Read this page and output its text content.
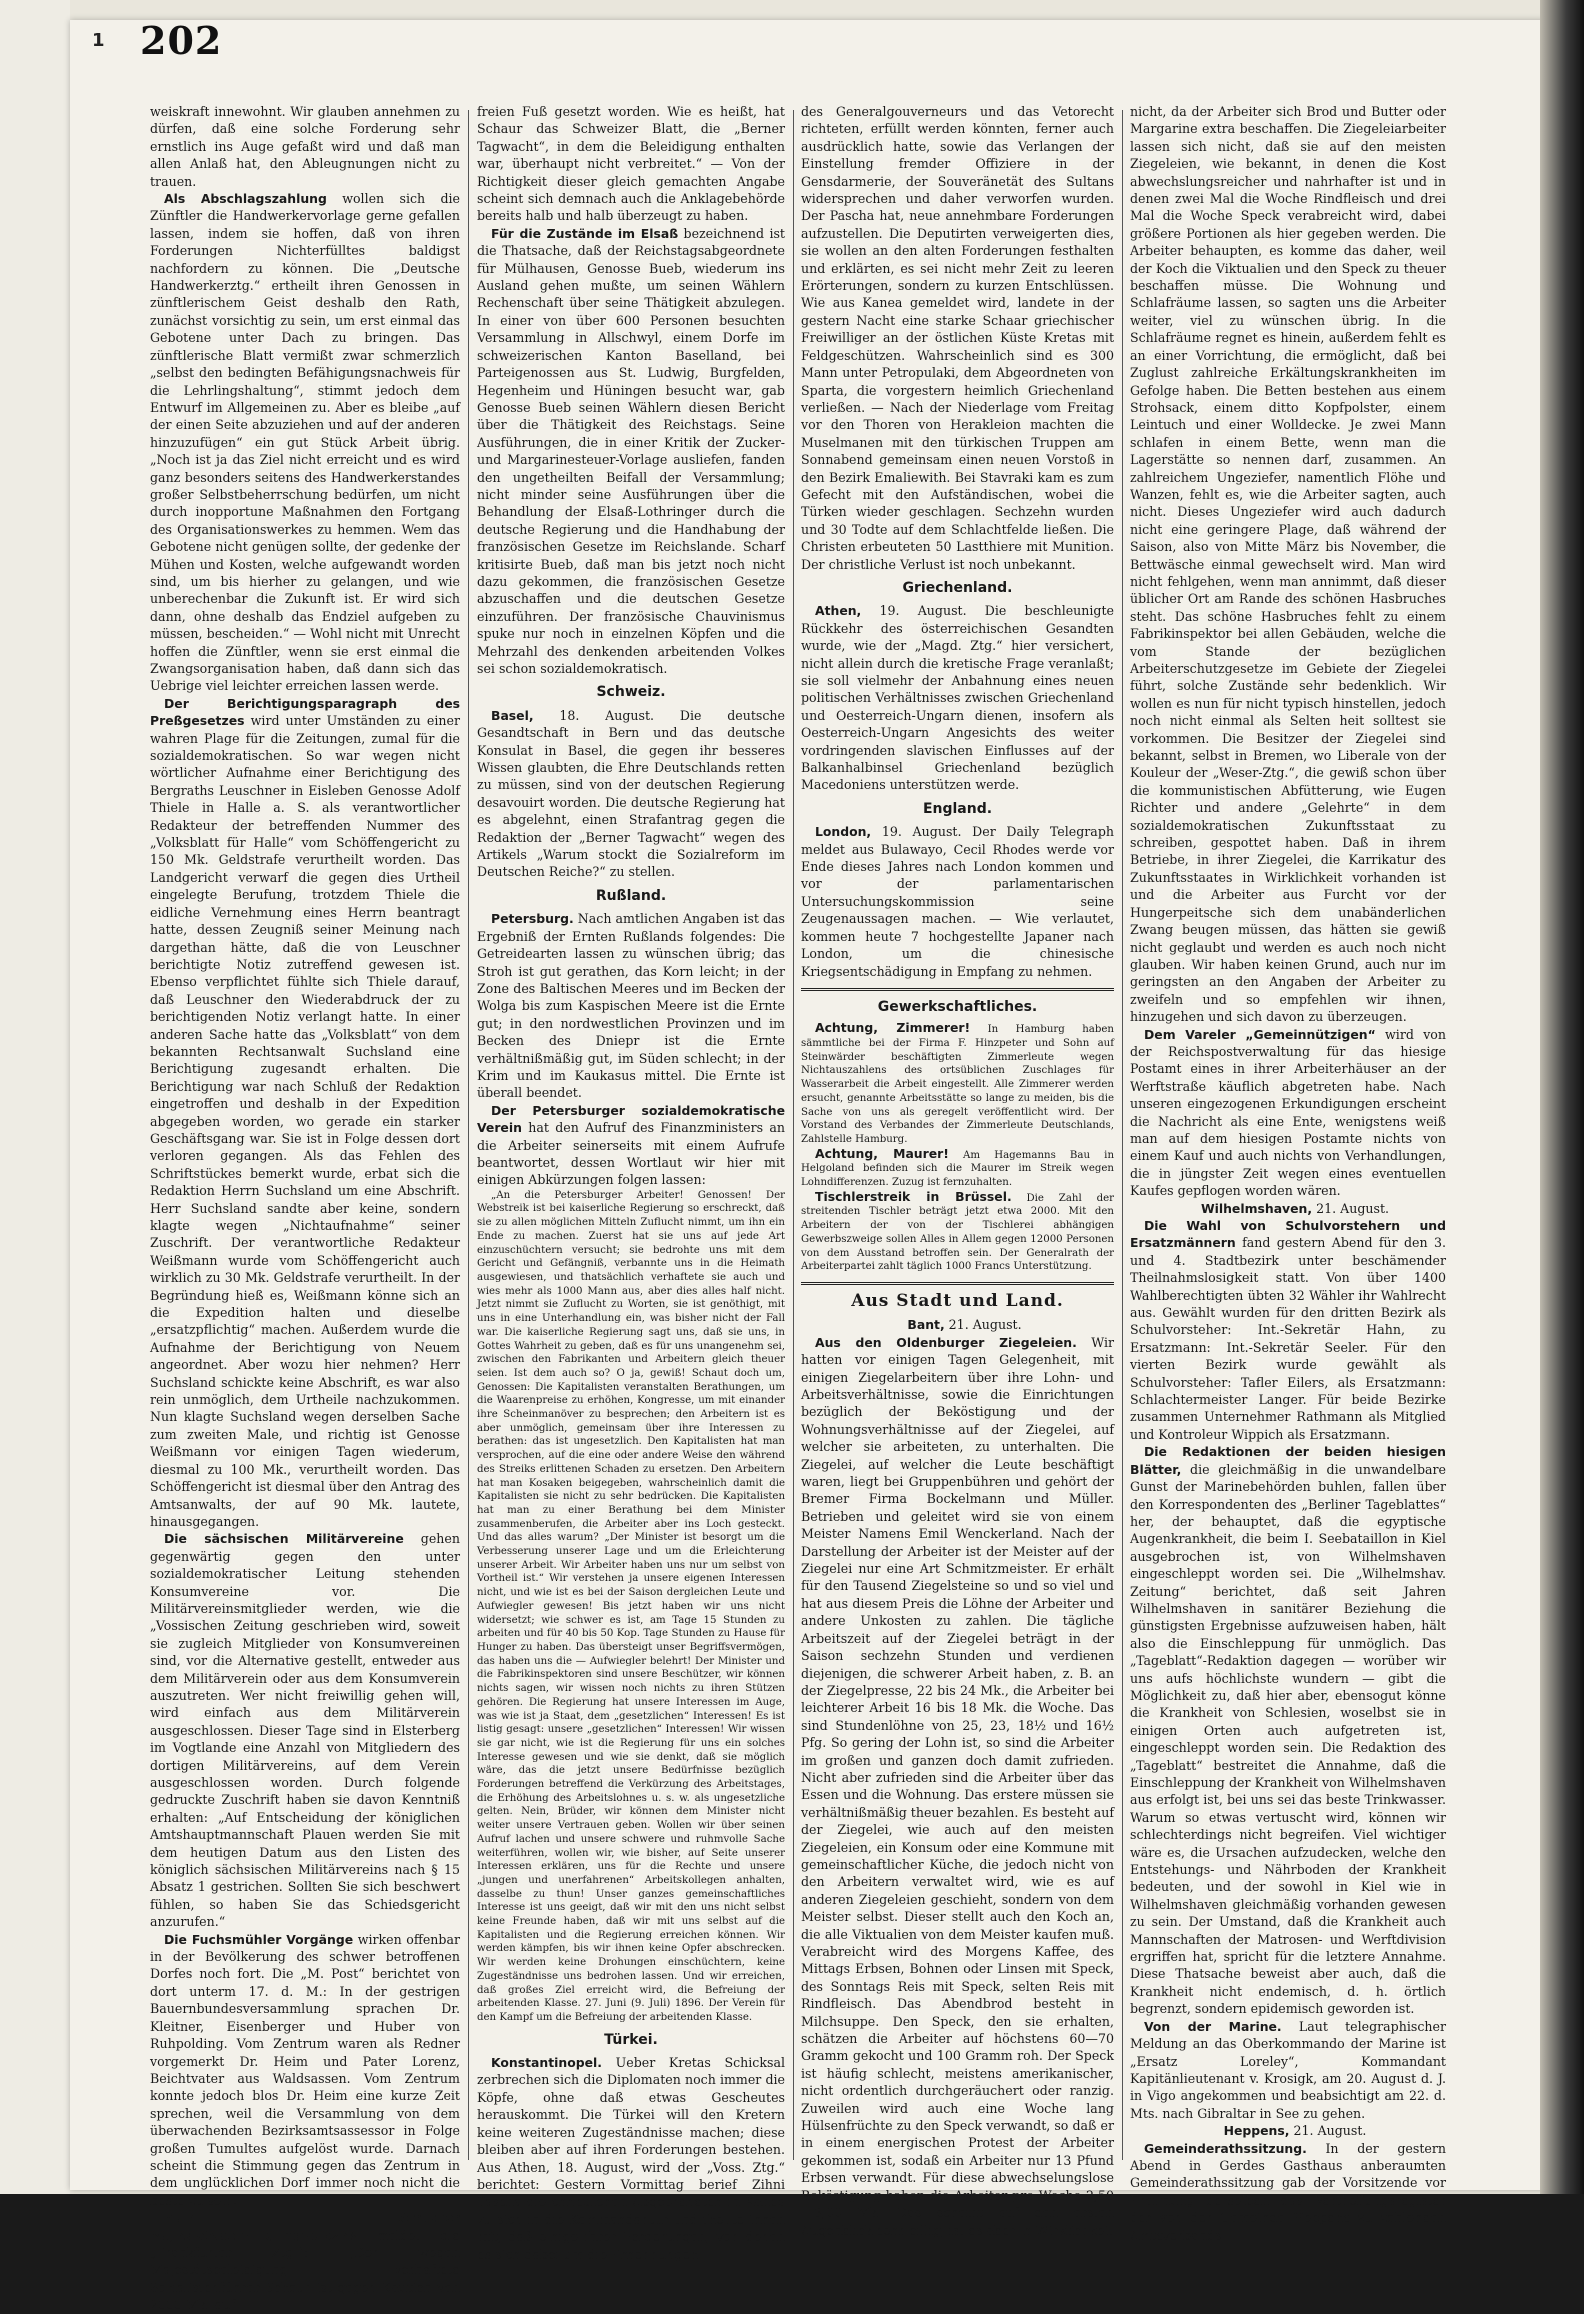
1 202

weiskraft innewohnt. Wir glauben annehmen zu dürfen, daß eine solche Forderung sehr ernstlich ins Auge gefaßt wird und daß man allen Anlaß hat, den Ableugnungen nicht zu trauen.

Als Abschlagszahlung wollen sich die Zünftler die Handwerkervorlage gerne gefallen lassen, indem sie hoffen, daß von ihren Forderungen Nichterfülltes baldigst nachfordern zu können. Die „Deutsche Handwerkerztg.“ ertheilt ihren Genossen in zünftlerischem Geist deshalb den Rath, zunächst vorsichtig zu sein, um erst einmal das Gebotene unter Dach zu bringen. Das zünftlerische Blatt vermißt zwar schmerzlich „selbst den bedingten Befähigungsnachweis für die Lehrlingshaltung“, stimmt jedoch dem Entwurf im Allgemeinen zu. Aber es bleibe „auf der einen Seite abzuziehen und auf der anderen hinzuzufügen“ ein gut Stück Arbeit übrig. „Noch ist ja das Ziel nicht erreicht und es wird ganz besonders seitens des Handwerkerstandes großer Selbstbeherrschung bedürfen, um nicht durch inopportune Maßnahmen den Fortgang des Organisationswerkes zu hemmen. Wem das Gebotene nicht genügen sollte, der gedenke der Mühen und Kosten, welche aufgewandt worden sind, um bis hierher zu gelangen, und wie unberechenbar die Zukunft ist. Er wird sich dann, ohne deshalb das Endziel aufgeben zu müssen, bescheiden.“ — Wohl nicht mit Unrecht hoffen die Zünftler, wenn sie erst einmal die Zwangsorganisation haben, daß dann sich das Uebrige viel leichter erreichen lassen werde.

Der Berichtigungsparagraph des Preßgesetzes wird unter Umständen zu einer wahren Plage für die Zeitungen, zumal für die sozialdemokratischen. So war wegen nicht wörtlicher Aufnahme einer Berichtigung des Bergraths Leuschner in Eisleben Genosse Adolf Thiele in Halle a. S. als verantwortlicher Redakteur der betreffenden Nummer des „Volksblatt für Halle“ vom Schöffengericht zu 150 Mk. Geldstrafe verurtheilt worden. Das Landgericht verwarf die gegen dies Urtheil eingelegte Berufung, trotzdem Thiele die eidliche Vernehmung eines Herrn beantragt hatte, dessen Zeugniß seiner Meinung nach dargethan hätte, daß die von Leuschner berichtigte Notiz zutreffend gewesen ist. Ebenso verpflichtet fühlte sich Thiele darauf, daß Leuschner den Wiederabdruck der zu berichtigenden Notiz verlangt hatte. In einer anderen Sache hatte das „Volksblatt“ von dem bekannten Rechtsanwalt Suchsland eine Berichtigung zugesandt erhalten. Die Berichtigung war nach Schluß der Redaktion eingetroffen und deshalb in der Expedition abgegeben worden, wo gerade ein starker Geschäftsgang war. Sie ist in Folge dessen dort verloren gegangen. Als das Fehlen des Schriftstückes bemerkt wurde, erbat sich die Redaktion Herrn Suchsland um eine Abschrift. Herr Suchsland sandte aber keine, sondern klagte wegen „Nichtaufnahme“ seiner Zuschrift. Der verantwortliche Redakteur Weißmann wurde vom Schöffengericht auch wirklich zu 30 Mk. Geldstrafe verurtheilt. In der Begründung hieß es, Weißmann könne sich an die Expedition halten und dieselbe „ersatzpflichtig“ machen. Außerdem wurde die Aufnahme der Berichtigung von Neuem angeordnet. Aber wozu hier nehmen? Herr Suchsland schickte keine Abschrift, es war also rein unmöglich, dem Urtheile nachzukommen. Nun klagte Suchsland wegen derselben Sache zum zweiten Male, und richtig ist Genosse Weißmann vor einigen Tagen wiederum, diesmal zu 100 Mk., verurtheilt worden. Das Schöffengericht ist diesmal über den Antrag des Amtsanwalts, der auf 90 Mk. lautete, hinausgegangen.

Die sächsischen Militärvereine gehen gegenwärtig gegen den unter sozialdemokratischer Leitung stehenden Konsumvereine vor. Die Militärvereinsmitglieder werden, wie die „Vossischen Zeitung geschrieben wird, soweit sie zugleich Mitglieder von Konsumvereinen sind, vor die Alternative gestellt, entweder aus dem Militärverein oder aus dem Konsumverein auszutreten. Wer nicht freiwillig gehen will, wird einfach aus dem Militärverein ausgeschlossen. Dieser Tage sind in Elsterberg im Vogtlande eine Anzahl von Mitgliedern des dortigen Militärvereins, auf dem Verein ausgeschlossen worden. Durch folgende gedruckte Zuschrift haben sie davon Kenntniß erhalten: „Auf Entscheidung der königlichen Amtshauptmannschaft Plauen werden Sie mit dem heutigen Datum aus den Listen des königlich sächsischen Militärvereins nach § 15 Absatz 1 gestrichen. Sollten Sie sich beschwert fühlen, so haben Sie das Schiedsgericht anzurufen.“

Die Fuchsmühler Vorgänge wirken offenbar in der Bevölkerung des schwer betroffenen Dorfes noch fort. Die „M. Post“ berichtet von dort unterm 17. d. M.: In der gestrigen Bauernbundesversammlung sprachen Dr. Kleitner, Eisenberger und Huber von Ruhpolding. Vom Zentrum waren als Redner vorgemerkt Dr. Heim und Pater Lorenz, Beichtvater aus Waldsassen. Vom Zentrum konnte jedoch blos Dr. Heim eine kurze Zeit sprechen, weil die Versammlung von dem überwachenden Bezirksamtsassessor in Folge großen Tumultes aufgelöst wurde. Darnach scheint die Stimmung gegen das Zentrum in dem unglücklichen Dorf immer noch nicht die beste zu sein.

Zum Lörracher Majestätsbeleidigungsprozeß meldet die „Frankfurter Ztg.“: „Der wegen Majestätsbeleidigung verhaftete Sozialistenführer Schaur ist gegen Kaution von 2000 Mk. auf

freien Fuß gesetzt worden. Wie es heißt, hat Schaur das Schweizer Blatt, die „Berner Tagwacht“, in dem die Beleidigung enthalten war, überhaupt nicht verbreitet.“ — Von der Richtigkeit dieser gleich gemachten Angabe scheint sich demnach auch die Anklagebehörde bereits halb und halb überzeugt zu haben.

Für die Zustände im Elsaß bezeichnend ist die Thatsache, daß der Reichstagsabgeordnete für Mülhausen, Genosse Bueb, wiederum ins Ausland gehen mußte, um seinen Wählern Rechenschaft über seine Thätigkeit abzulegen. In einer von über 600 Personen besuchten Versammlung in Allschwyl, einem Dorfe im schweizerischen Kanton Baselland, bei Parteigenossen aus St. Ludwig, Burgfelden, Hegenheim und Hüningen besucht war, gab Genosse Bueb seinen Wählern diesen Bericht über die Thätigkeit des Reichstags. Seine Ausführungen, die in einer Kritik der Zucker- und Margarinesteuer-Vorlage ausliefen, fanden den ungetheilten Beifall der Versammlung; nicht minder seine Ausführungen über die Behandlung der Elsaß-Lothringer durch die deutsche Regierung und die Handhabung der französischen Gesetze im Reichslande. Scharf kritisirte Bueb, daß man bis jetzt noch nicht dazu gekommen, die französischen Gesetze abzuschaffen und die deutschen Gesetze einzuführen. Der französische Chauvinismus spuke nur noch in einzelnen Köpfen und die Mehrzahl des denkenden arbeitenden Volkes sei schon sozialdemokratisch.

Schweiz.

Basel, 18. August. Die deutsche Gesandtschaft in Bern und das deutsche Konsulat in Basel, die gegen ihr besseres Wissen glaubten, die Ehre Deutschlands retten zu müssen, sind von der deutschen Regierung desavouirt worden. Die deutsche Regierung hat es abgelehnt, einen Strafantrag gegen die Redaktion der „Berner Tagwacht“ wegen des Artikels „Warum stockt die Sozialreform im Deutschen Reiche?“ zu stellen.

Rußland.

Petersburg. Nach amtlichen Angaben ist das Ergebniß der Ernten Rußlands folgendes: Die Getreidearten lassen zu wünschen übrig; das Stroh ist gut gerathen, das Korn leicht; in der Zone des Baltischen Meeres und im Becken der Wolga bis zum Kaspischen Meere ist die Ernte gut; in den nordwestlichen Provinzen und im Becken des Dniepr ist die Ernte verhältnißmäßig gut, im Süden schlecht; in der Krim und im Kaukasus mittel. Die Ernte ist überall beendet.

Der Petersburger sozialdemokratische Verein hat den Aufruf des Finanzministers an die Arbeiter seinerseits mit einem Aufrufe beantwortet, dessen Wortlaut wir hier mit einigen Abkürzungen folgen lassen:

„An die Petersburger Arbeiter! Genossen! Der Webstreik ist bei kaiserliche Regierung so erschreckt, daß sie zu allen möglichen Mitteln Zuflucht nimmt, um ihn ein Ende zu machen. Zuerst hat sie uns auf jede Art einzuschüchtern versucht; sie bedrohte uns mit dem Gericht und Gefängniß, verbannte uns in die Heimath ausgewiesen, und thatsächlich verhaftete sie auch und wies mehr als 1000 Mann aus, aber dies alles half nicht. Jetzt nimmt sie Zuflucht zu Worten, sie ist genöthigt, mit uns in eine Unterhandlung ein, was bisher nicht der Fall war. Die kaiserliche Regierung sagt uns, daß sie uns, in Gottes Wahrheit zu geben, daß es für uns unangenehm sei, zwischen den Fabrikanten und Arbeitern gleich theuer seien. Ist dem auch so? O ja, gewiß! Schaut doch um, Genossen: Die Kapitalisten veranstalten Berathungen, um die Waarenpreise zu erhöhen, Kongresse, um mit einander ihre Scheinmanöver zu besprechen; den Arbeitern ist es aber unmöglich, gemeinsam über ihre Interessen zu berathen: das ist ungesetzlich. Den Kapitalisten hat man versprochen, auf die eine oder andere Weise den während des Streiks erlittenen Schaden zu ersetzen. Den Arbeitern hat man Kosaken beigegeben, wahrscheinlich damit die Kapitalisten sie nicht zu sehr bedrücken. Die Kapitalisten hat man zu einer Berathung bei dem Minister zusammenberufen, die Arbeiter aber ins Loch gesteckt. Und das alles warum? „Der Minister ist besorgt um die Verbesserung unserer Lage und um die Erleichterung unserer Arbeit. Wir Arbeiter haben uns nur um selbst von Vortheil ist.“ Wir verstehen ja unsere eigenen Interessen nicht, und wie ist es bei der Saison dergleichen Leute und Aufwiegler gewesen! Bis jetzt haben wir uns nicht widersetzt; wie schwer es ist, am Tage 15 Stunden zu arbeiten und für 40 bis 50 Kop. Tage Stunden zu Hause für Hunger zu haben. Das übersteigt unser Begriffsvermögen, das haben uns die — Aufwiegler belehrt! Der Minister und die Fabrikinspektoren sind unsere Beschützer, wir können nichts sagen, wir wissen noch nichts zu ihren Stützen gehören. Die Regierung hat unsere Interessen im Auge, was wie ist ja Staat, dem „gesetzlichen“ Interessen! Es ist listig gesagt: unsere „gesetzlichen“ Interessen! Wir wissen sie gar nicht, wie ist die Regierung für uns ein solches Interesse gewesen und wie sie denkt, daß sie möglich wäre, das die jetzt unsere Bedürfnisse bezüglich Forderungen betreffend die Verkürzung des Arbeitstages, die Erhöhung des Arbeitslohnes u. s. w. als ungesetzliche gelten. Nein, Brüder, wir können dem Minister nicht weiter unsere Vertrauen geben. Wollen wir über seinen Aufruf lachen und unsere schwere und ruhmvolle Sache weiterführen, wollen wir, wie bisher, auf Seite unserer Interessen erklären, uns für die Rechte und unsere „jungen und unerfahrenen“ Arbeitskollegen anhalten, dasselbe zu thun! Unser ganzes gemeinschaftliches Interesse ist uns geeigt, daß wir mit den uns nicht selbst keine Freunde haben, daß wir mit uns selbst auf die Kapitalisten und die Regierung erreichen können. Wir werden kämpfen, bis wir ihnen keine Opfer abschrecken. Wir werden keine Drohungen einschüchtern, keine Zugeständnisse uns bedrohen lassen. Und wir erreichen, daß großes Ziel erreicht wird, die Befreiung der arbeitenden Klasse. 27. Juni (9. Juli) 1896. Der Verein für den Kampf um die Befreiung der arbeitenden Klasse.

Türkei.

Konstantinopel. Ueber Kretas Schicksal zerbrechen sich die Diplomaten noch immer die Köpfe, ohne daß etwas Gescheutes herauskommt. Die Türkei will den Kretern keine weiteren Zugeständnisse machen; diese bleiben aber auf ihren Forderungen bestehen. Aus Athen, 18. August, wird der „Voss. Ztg.“ berichtet: Gestern Vormittag berief Zihni Pascha die christlichen Abgeordneten in Kanea zu sich in die Kommandantur und theilte ihnen mit, daß einige ihrer Forderungen, von denen es sich dabei um die Ernennungen

des Generalgouverneurs und das Vetorecht richteten, erfüllt werden könnten, ferner auch ausdrücklich hatte, sowie das Verlangen der Einstellung fremder Offiziere in der Gensdarmerie, der Souveränetät des Sultans widersprechen und daher verworfen wurden. Der Pascha hat, neue annehmbare Forderungen aufzustellen. Die Deputirten verweigerten dies, sie wollen an den alten Forderungen festhalten und erklärten, es sei nicht mehr Zeit zu leeren Erörterungen, sondern zu kurzen Entschlüssen. Wie aus Kanea gemeldet wird, landete in der gestern Nacht eine starke Schaar griechischer Freiwilliger an der östlichen Küste Kretas mit Feldgeschützen. Wahrscheinlich sind es 300 Mann unter Petropulaki, dem Abgeordneten von Sparta, die vorgestern heimlich Griechenland verließen. — Nach der Niederlage vom Freitag vor den Thoren von Herakleion machten die Muselmanen mit den türkischen Truppen am Sonnabend gemeinsam einen neuen Vorstoß in den Bezirk Emaliewith. Bei Stavraki kam es zum Gefecht mit den Aufständischen, wobei die Türken wieder geschlagen. Sechzehn wurden und 30 Todte auf dem Schlachtfelde ließen. Die Christen erbeuteten 50 Lastthiere mit Munition. Der christliche Verlust ist noch unbekannt.

Griechenland.

Athen, 19. August. Die beschleunigte Rückkehr des österreichischen Gesandten wurde, wie der „Magd. Ztg.“ hier versichert, nicht allein durch die kretische Frage veranlaßt; sie soll vielmehr der Anbahnung eines neuen politischen Verhältnisses zwischen Griechenland und Oesterreich-Ungarn dienen, insofern als Oesterreich-Ungarn Angesichts des weiter vordringenden slavischen Einflusses auf der Balkanhalbinsel Griechenland bezüglich Macedoniens unterstützen werde.

England.

London, 19. August. Der Daily Telegraph meldet aus Bulawayo, Cecil Rhodes werde vor Ende dieses Jahres nach London kommen und vor der parlamentarischen Untersuchungskommission seine Zeugenaussagen machen. — Wie verlautet, kommen heute 7 hochgestellte Japaner nach London, um die chinesische Kriegsentschädigung in Empfang zu nehmen.

Gewerkschaftliches.

Achtung, Zimmerer! In Hamburg haben sämmtliche bei der Firma F. Hinzpeter und Sohn auf Steinwärder beschäftigten Zimmerleute wegen Nichtauszahlens des ortsüblichen Zuschlages für Wasserarbeit die Arbeit eingestellt. Alle Zimmerer werden ersucht, genannte Arbeitsstätte so lange zu meiden, bis die Sache von uns als geregelt veröffentlicht wird. Der Vorstand des Verbandes der Zimmerleute Deutschlands, Zahlstelle Hamburg.

Achtung, Maurer! Am Hagemanns Bau in Helgoland befinden sich die Maurer im Streik wegen Lohndifferenzen. Zuzug ist fernzuhalten.

Tischlerstreik in Brüssel. Die Zahl der streitenden Tischler beträgt jetzt etwa 2000. Mit den Arbeitern der von der Tischlerei abhängigen Gewerbszweige sollen Alles in Allem gegen 12000 Personen von dem Ausstand betroffen sein. Der Generalrath der Arbeiterpartei zahlt täglich 1000 Francs Unterstützung.

Aus Stadt und Land.

Bant, 21. August.

Aus den Oldenburger Ziegeleien. Wir hatten vor einigen Tagen Gelegenheit, mit einigen Ziegelarbeitern über ihre Lohn- und Arbeitsverhältnisse, sowie die Einrichtungen bezüglich der Beköstigung und der Wohnungsverhältnisse auf der Ziegelei, auf welcher sie arbeiteten, zu unterhalten. Die Ziegelei, auf welcher die Leute beschäftigt waren, liegt bei Gruppenbühren und gehört der Bremer Firma Bockelmann und Müller. Betrieben und geleitet wird sie von einem Meister Namens Emil Wenckerland. Nach der Darstellung der Arbeiter ist der Meister auf der Ziegelei nur eine Art Schmitzmeister. Er erhält für den Tausend Ziegelsteine so und so viel und hat aus diesem Preis die Löhne der Arbeiter und andere Unkosten zu zahlen. Die tägliche Arbeitszeit auf der Ziegelei beträgt in der Saison sechzehn Stunden und verdienen diejenigen, die schwerer Arbeit haben, z. B. an der Ziegelpresse, 22 bis 24 Mk., die Arbeiter bei leichterer Arbeit 16 bis 18 Mk. die Woche. Das sind Stundenlöhne von 25, 23, 18½ und 16½ Pfg. So gering der Lohn ist, so sind die Arbeiter im großen und ganzen doch damit zufrieden. Nicht aber zufrieden sind die Arbeiter über das Essen und die Wohnung. Das erstere müssen sie verhältnißmäßig theuer bezahlen. Es besteht auf der Ziegelei, wie auch auf den meisten Ziegeleien, ein Konsum oder eine Kommune mit gemeinschaftlicher Küche, die jedoch nicht von den Arbeitern verwaltet wird, wie es auf anderen Ziegeleien geschieht, sondern von dem Meister selbst. Dieser stellt auch den Koch an, die alle Viktualien von dem Meister kaufen muß. Verabreicht wird des Morgens Kaffee, des Mittags Erbsen, Bohnen oder Linsen mit Speck, des Sonntags Reis mit Speck, selten Reis mit Rindfleisch. Das Abendbrod besteht in Milchsuppe. Den Speck, den sie erhalten, schätzen die Arbeiter auf höchstens 60—70 Gramm gekocht und 100 Gramm roh. Der Speck ist häufig schlecht, meistens amerikanischer, nicht ordentlich durchgeräuchert oder ranzig. Zuweilen wird auch eine Woche lang Hülsenfrüchte zu den Speck verwandt, so daß er in einem energischen Protest der Arbeiter gekommen ist, sodaß ein Arbeiter nur 13 Pfund Erbsen verwandt. Für diese abwechselungslose Beköstigung haben die Arbeiter pro Woche 2,50—3,00 Mk. Das scheint auf den ersten Augenblick sehr billig, ist es aber in Wirklichkeit

nicht, da der Arbeiter sich Brod und Butter oder Margarine extra beschaffen. Die Ziegeleiarbeiter lassen sich nicht, daß sie auf den meisten Ziegeleien, wie bekannt, in denen die Kost abwechslungsreicher und nahrhafter ist und in denen zwei Mal die Woche Rindfleisch und drei Mal die Woche Speck verabreicht wird, dabei größere Portionen als hier gegeben werden. Die Arbeiter behaupten, es komme das daher, weil der Koch die Viktualien und den Speck zu theuer beschaffen müsse. Die Wohnung und Schlafräume lassen, so sagten uns die Arbeiter weiter, viel zu wünschen übrig. In die Schlafräume regnet es hinein, außerdem fehlt es an einer Vorrichtung, die ermöglicht, daß bei Zuglust zahlreiche Erkältungskrankheiten im Gefolge haben. Die Betten bestehen aus einem Strohsack, einem ditto Kopfpolster, einem Leintuch und einer Wolldecke. Je zwei Mann schlafen in einem Bette, wenn man die Lagerstätte so nennen darf, zusammen. An zahlreichem Ungeziefer, namentlich Flöhe und Wanzen, fehlt es, wie die Arbeiter sagten, auch nicht. Dieses Ungeziefer wird auch dadurch nicht eine geringere Plage, daß während der Saison, also von Mitte März bis November, die Bettwäsche einmal gewechselt wird. Man wird nicht fehlgehen, wenn man annimmt, daß dieser üblicher Ort am Rande des schönen Hasbruches steht. Das schöne Hasbruches fehlt zu einem Fabrikinspektor bei allen Gebäuden, welche die vom Stande der bezüglichen Arbeiterschutzgesetze im Gebiete der Ziegelei führt, solche Zustände sehr bedenklich. Wir wollen es nun für nicht typisch hinstellen, jedoch noch nicht einmal als Selten heit solltest sie vorkommen. Die Besitzer der Ziegelei sind bekannt, selbst in Bremen, wo Liberale von der Kouleur der „Weser-Ztg.“, die gewiß schon über die kommunistischen Abfütterung, wie Eugen Richter und andere „Gelehrte“ in dem sozialdemokratischen Zukunftsstaat zu schreiben, gespottet haben. Daß in ihrem Betriebe, in ihrer Ziegelei, die Karrikatur des Zukunftsstaates in Wirklichkeit vorhanden ist und die Arbeiter aus Furcht vor der Hungerpeitsche sich dem unabänderlichen Zwang beugen müssen, das hätten sie gewiß nicht geglaubt und werden es auch noch nicht glauben. Wir haben keinen Grund, auch nur im geringsten an den Angaben der Arbeiter zu zweifeln und so empfehlen wir ihnen, hinzugehen und sich davon zu überzeugen.

Dem Vareler „Gemeinnützigen“ wird von der Reichspostverwaltung für das hiesige Postamt eines in ihrer Arbeiterhäuser an der Werftstraße käuflich abgetreten habe. Nach unseren eingezogenen Erkundigungen erscheint die Nachricht als eine Ente, wenigstens weiß man auf dem hiesigen Postamte nichts von einem Kauf und auch nichts von Verhandlungen, die in jüngster Zeit wegen eines eventuellen Kaufes gepflogen worden wären.

Wilhelmshaven, 21. August.

Die Wahl von Schulvorstehern und Ersatzmännern fand gestern Abend für den 3. und 4. Stadtbezirk unter beschämender Theilnahmslosigkeit statt. Von über 1400 Wahlberechtigten übten 32 Wähler ihr Wahlrecht aus. Gewählt wurden für den dritten Bezirk als Schulvorsteher: Int.-Sekretär Hahn, zu Ersatzmann: Int.-Sekretär Seeler. Für den vierten Bezirk wurde gewählt als Schulvorsteher: Tafler Eilers, als Ersatzmann: Schlachtermeister Langer. Für beide Bezirke zusammen Unternehmer Rathmann als Mitglied und Kontroleur Wippich als Ersatzmann.

Die Redaktionen der beiden hiesigen Blätter, die gleichmäßig in die unwandelbare Gunst der Marinebehörden buhlen, fallen über den Korrespondenten des „Berliner Tageblattes“ her, der behauptet, daß die egyptische Augenkrankheit, die beim I. Seebataillon in Kiel ausgebrochen ist, von Wilhelmshaven eingeschleppt worden sei. Die „Wilhelmshav. Zeitung“ berichtet, daß seit Jahren Wilhelmshaven in sanitärer Beziehung die günstigsten Ergebnisse aufzuweisen haben, hält also die Einschleppung für unmöglich. Das „Tageblatt“-Redaktion dagegen — worüber wir uns aufs höchlichste wundern — gibt die Möglichkeit zu, daß hier aber, ebensogut könne die Krankheit von Schlesien, woselbst sie in einigen Orten auch aufgetreten ist, eingeschleppt worden sein. Die Redaktion des „Tageblatt“ bestreitet die Annahme, daß die Einschleppung der Krankheit von Wilhelmshaven aus erfolgt ist, bei uns sei das beste Trinkwasser. Warum so etwas vertuscht wird, können wir schlechterdings nicht begreifen. Viel wichtiger wäre es, die Ursachen aufzudecken, welche den Entstehungs- und Nährboden der Krankheit bedeuten, und der sowohl in Kiel wie in Wilhelmshaven gleichmäßig vorhanden gewesen zu sein. Der Umstand, daß die Krankheit auch Mannschaften der Matrosen- und Werftdivision ergriffen hat, spricht für die letztere Annahme. Diese Thatsache beweist aber auch, daß die Krankheit nicht endemisch, d. h. örtlich begrenzt, sondern epidemisch geworden ist.

Von der Marine. Laut telegraphischer Meldung an das Oberkommando der Marine ist „Ersatz Loreley“, Kommandant Kapitänlieutenant v. Krosigk, am 20. August d. J. in Vigo angekommen und beabsichtigt am 22. d. Mts. nach Gibraltar in See zu gehen.

Heppens, 21. August.

Gemeinderathssitzung. In der gestern Abend in Gerdes Gasthaus anberaumten Gemeinderathssitzung gab der Vorsitzende vor Eröffnung derselben das Vertheilungsregister der von der Gemeinde Heppens zu zahlenden Amtsverbands-
